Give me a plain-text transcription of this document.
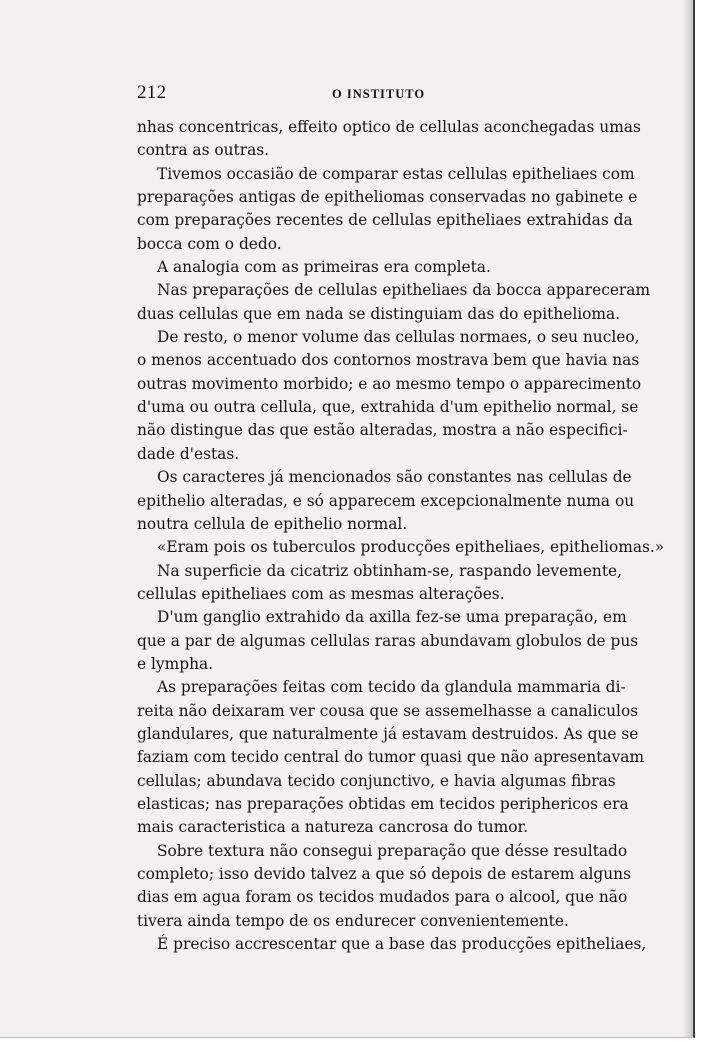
212	O INSTITUTO
nhas concentricas, effeito optico de cellulas aconchegadas umas
contra as outras.
Tivemos occasião de comparar estas cellulas epitheliaes com
preparações antigas de epitheliomas conservadas no gabinete e
com preparações recentes de cellulas epitheliaes extrahidas da
bocca com o dedo.
A analogia com as primeiras era completa.
Nas preparações de cellulas epitheliaes da bocca appareceram
duas cellulas que em nada se distinguiam das do epithelioma.
De resto, o menor volume das cellulas normaes, o seu nucleo,
o menos accentuado dos contornos mostrava bem que havia nas
outras movimento morbido; e ao mesmo tempo o apparecimento
d'uma ou outra cellula, que, extrahida d'um epithelio normal, se
não distingue das que estão alteradas, mostra a não especifici-
dade d'estas.
Os caracteres já mencionados são constantes nas cellulas de
epithelio alteradas, e só apparecem excepcionalmente numa ou
noutra cellula de epithelio normal.
«Eram pois os tuberculos producções epitheliaes, epitheliomas.»
Na superficie da cicatriz obtinham-se, raspando levemente,
cellulas epitheliaes com as mesmas alterações.
D'um ganglio extrahido da axilla fez-se uma preparação, em
que a par de algumas cellulas raras abundavam globulos de pus
e lympha.
As preparações feitas com tecido da glandula mammaria di-
reita não deixaram ver cousa que se assemelhasse a canaliculos
glandulares, que naturalmente já estavam destruidos. As que se
faziam com tecido central do tumor quasi que não apresentavam
cellulas; abundava tecido conjunctivo, e havia algumas fibras
elasticas; nas preparações obtidas em tecidos periphericos era
mais caracteristica a natureza cancrosa do tumor.
Sobre textura não consegui preparação que désse resultado
completo; isso devido talvez a que só depois de estarem alguns
dias em agua foram os tecidos mudados para o alcool, que não
tivera ainda tempo de os endurecer convenientemente.
É preciso accrescentar que a base das producções epitheliaes,
